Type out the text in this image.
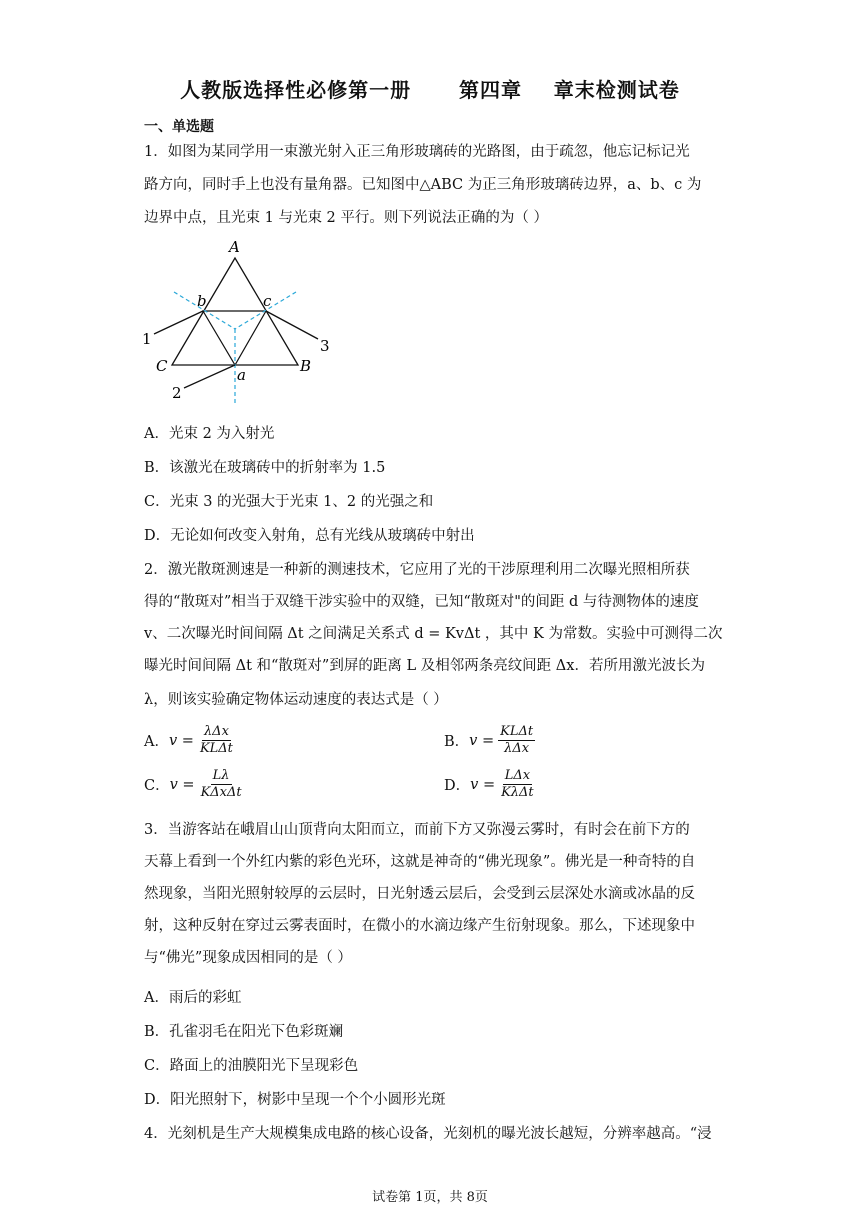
人教版选择性必修第一册      第四章    章末检测试卷
一、单选题
1．如图为某同学用一束激光射入正三角形玻璃砖的光路图，由于疏忽，他忘记标记光
路方向，同时手上也没有量角器。已知图中△ABC 为正三角形玻璃砖边界，a、b、c 为
边界中点，且光束 1 与光束 2 平行。则下列说法正确的为（ ）
A
C	B
b	c
a
1
2
3
A．光束 2 为入射光
B．该激光在玻璃砖中的折射率为 1.5
C．光束 3 的光强大于光束 1、2 的光强之和
D．无论如何改变入射角，总有光线从玻璃砖中射出
2．激光散斑测速是一种新的测速技术，它应用了光的干涉原理利用二次曝光照相所获
得的“散斑对”相当于双缝干涉实验中的双缝，已知“散斑对"的间距 d 与待测物体的速度
v、二次曝光时间间隔 Δt 之间满足关系式 d = KvΔt ，其中 K 为常数。实验中可测得二次
曝光时间间隔 Δt 和“散斑对”到屏的距离 L 及相邻两条亮纹间距 Δx．若所用激光波长为
λ，则该实验确定物体运动速度的表达式是（ ）
A． $v = \frac{\text{λΔx}}{\text{KLΔt}}$	B． $v = \frac{\text{KLΔt}}{\text{λΔx}}$
C． $v = \frac{L\lambda}{\text{KΔxΔt}}$	D． $v = \frac{\text{LΔx}}{\text{KλΔt}}$
3．当游客站在峨眉山山顶背向太阳而立，而前下方又弥漫云雾时，有时会在前下方的
天幕上看到一个外红内紫的彩色光环，这就是神奇的“佛光现象”。佛光是一种奇特的自
然现象，当阳光照射较厚的云层时，日光射透云层后，会受到云层深处水滴或冰晶的反
射，这种反射在穿过云雾表面时，在微小的水滴边缘产生衍射现象。那么，下述现象中
与“佛光”现象成因相同的是（ ）
A．雨后的彩虹
B．孔雀羽毛在阳光下色彩斑斓
C．路面上的油膜阳光下呈现彩色
D．阳光照射下，树影中呈现一个个小圆形光斑
4．光刻机是生产大规模集成电路的核心设备，光刻机的曝光波长越短，分辨率越高。“浸
试卷第 1页，共 8页
